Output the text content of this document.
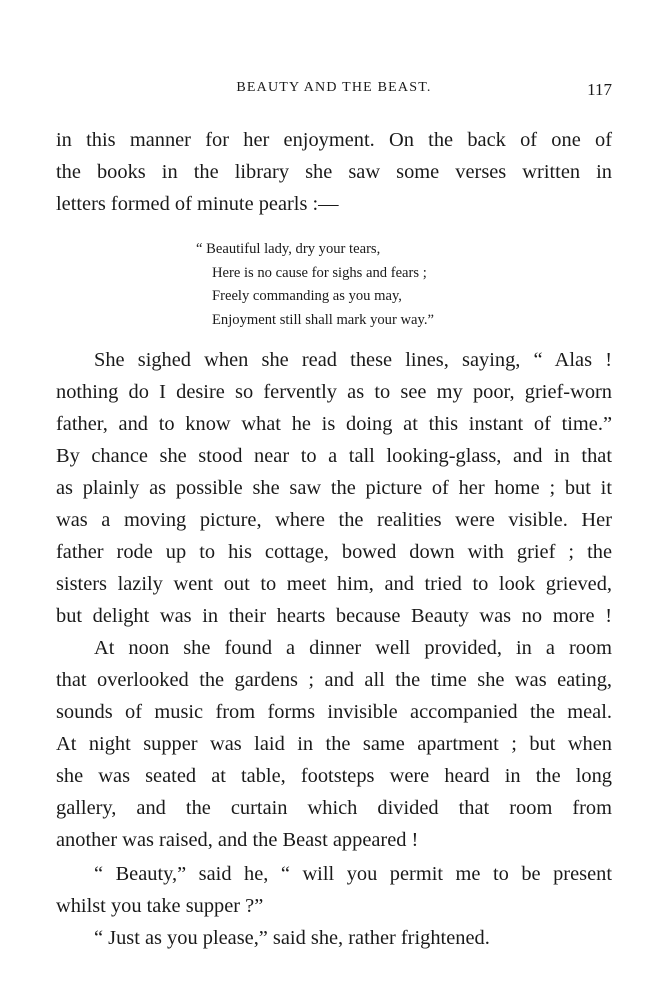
BEAUTY AND THE BEAST.	117
in this manner for her enjoyment. On the back of one of
the books in the library she saw some verses written in
letters formed of minute pearls :—
“ Beautiful lady, dry your tears,
Here is no cause for sighs and fears ;
Freely commanding as you may,
Enjoyment still shall mark your way.”
She sighed when she read these lines, saying, “ Alas !
nothing do I desire so fervently as to see my poor, grief-worn
father, and to know what he is doing at this instant of time.”
By chance she stood near to a tall looking-glass, and in that
as plainly as possible she saw the picture of her home ; but it
was a moving picture, where the realities were visible. Her
father rode up to his cottage, bowed down with grief ; the
sisters lazily went out to meet him, and tried to look grieved,
but delight was in their hearts because Beauty was no more !
At noon she found a dinner well provided, in a room
that overlooked the gardens ; and all the time she was eating,
sounds of music from forms invisible accompanied the meal.
At night supper was laid in the same apartment ; but when
she was seated at table, footsteps were heard in the long
gallery, and the curtain which divided that room from
another was raised, and the Beast appeared !
“ Beauty,” said he, “ will you permit me to be present
whilst you take supper ?”
“ Just as you please,” said she, rather frightened.
